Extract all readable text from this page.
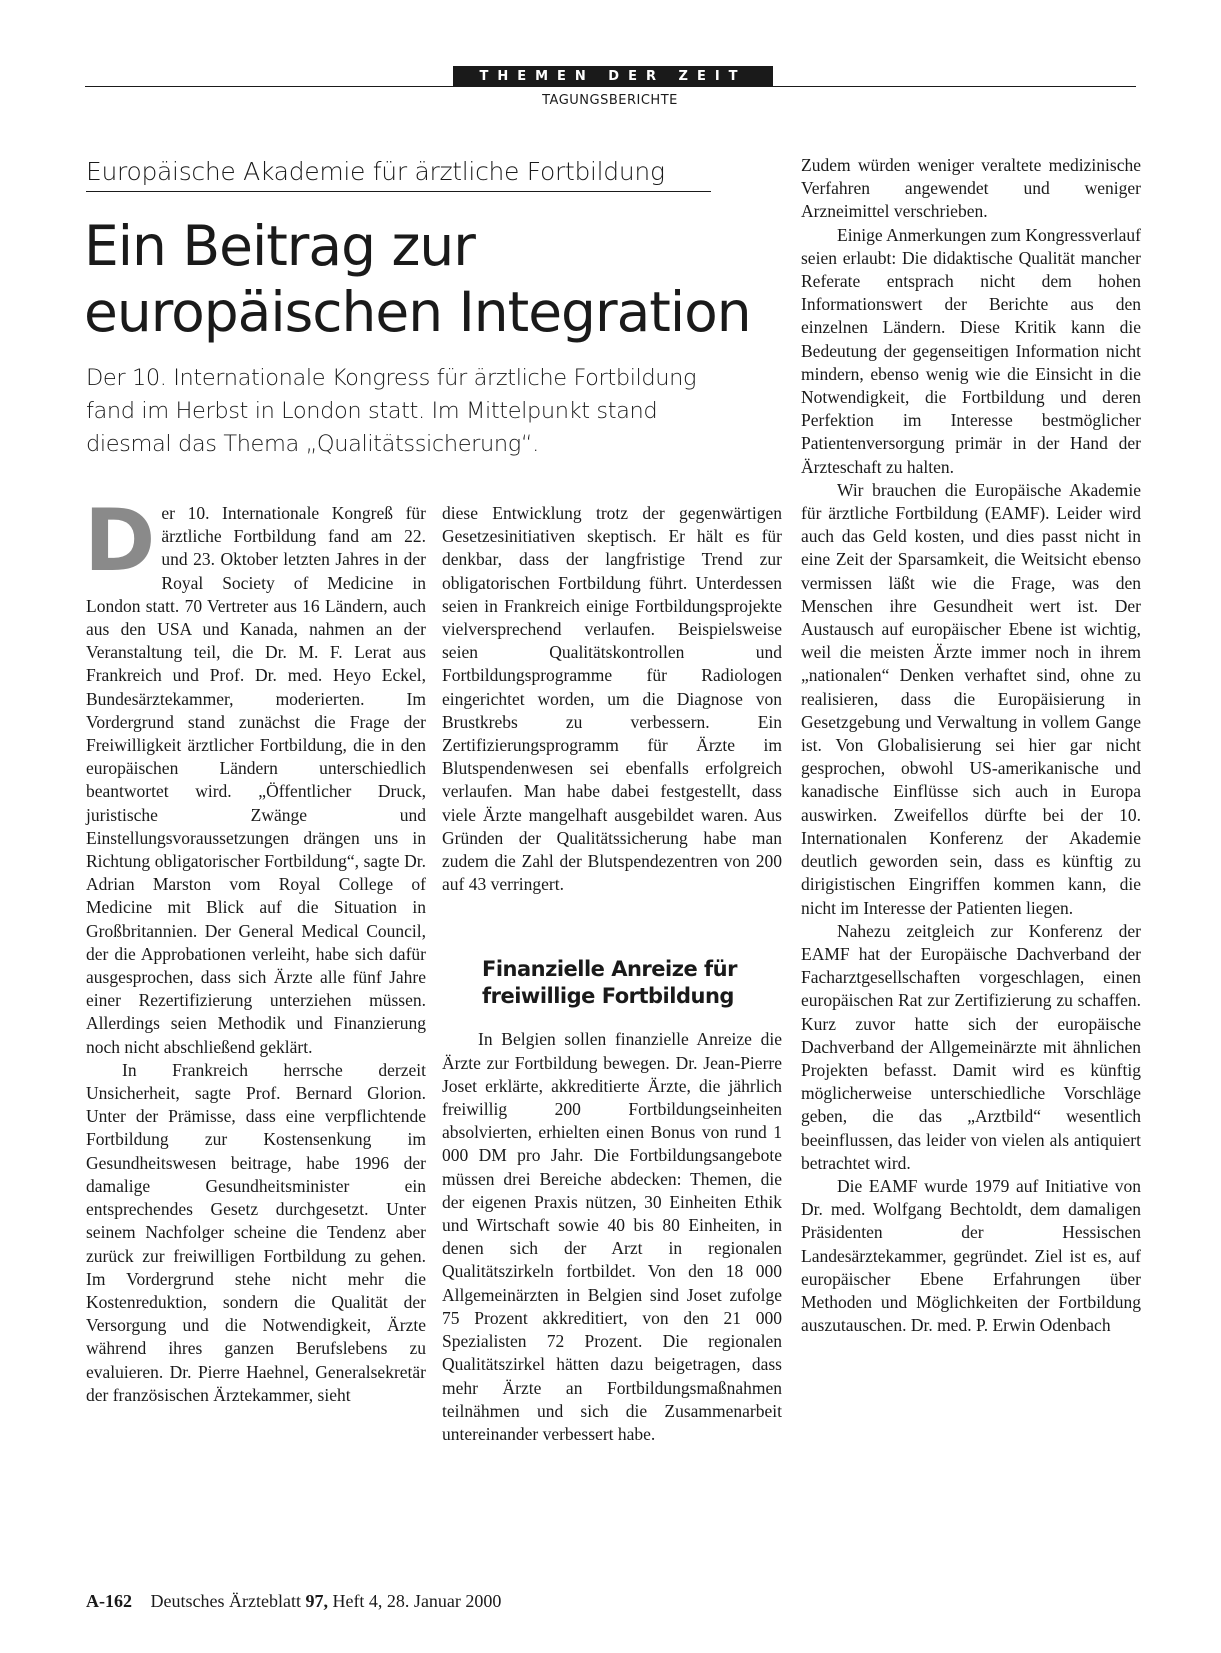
THEMEN DER ZEIT
TAGUNGSBERICHTE
Europäische Akademie für ärztliche Fortbildung
Ein Beitrag zur europäischen Integration

Der 10. Internationale Kongress für ärztliche Fortbildung fand im Herbst in London statt. Im Mittelpunkt stand diesmal das Thema „Qualitätssicherung“.

Der 10. Internationale Kongreß für ärztliche Fortbildung fand am 22. und 23. Oktober letzten Jahres in der Royal Society of Medicine in London statt. 70 Vertreter aus 16 Ländern, auch aus den USA und Kanada, nahmen an der Veranstaltung teil, die Dr. M. F. Lerat aus Frankreich und Prof. Dr. med. Heyo Eckel, Bundesärztekammer, moderierten. Im Vordergrund stand zunächst die Frage der Freiwilligkeit ärztlicher Fortbildung, die in den europäischen Ländern unterschiedlich beantwortet wird. „Öffentlicher Druck, juristische Zwänge und Einstellungsvoraussetzungen drängen uns in Richtung obligatorischer Fortbildung“, sagte Dr. Adrian Marston vom Royal College of Medicine mit Blick auf die Situation in Großbritannien. Der General Medical Council, der die Approbationen verleiht, habe sich dafür ausgesprochen, dass sich Ärzte alle fünf Jahre einer Rezertifizierung unterziehen müssen. Allerdings seien Methodik und Finanzierung noch nicht abschließend geklärt.

In Frankreich herrsche derzeit Unsicherheit, sagte Prof. Bernard Glorion. Unter der Prämisse, dass eine verpflichtende Fortbildung zur Kostensenkung im Gesundheitswesen beitrage, habe 1996 der damalige Gesundheitsminister ein entsprechendes Gesetz durchgesetzt. Unter seinem Nachfolger scheine die Tendenz aber zurück zur freiwilligen Fortbildung zu gehen. Im Vordergrund stehe nicht mehr die Kostenreduktion, sondern die Qualität der Versorgung und die Notwendigkeit, Ärzte während ihres ganzen Berufslebens zu evaluieren. Dr. Pierre Haehnel, Generalsekretär der französischen Ärztekammer, sieht

diese Entwicklung trotz der gegenwärtigen Gesetzesinitiativen skeptisch. Er hält es für denkbar, dass der langfristige Trend zur obligatorischen Fortbildung führt. Unterdessen seien in Frankreich einige Fortbildungsprojekte vielversprechend verlaufen. Beispielsweise seien Qualitätskontrollen und Fortbildungsprogramme für Radiologen eingerichtet worden, um die Diagnose von Brustkrebs zu verbessern. Ein Zertifizierungsprogramm für Ärzte im Blutspendenwesen sei ebenfalls erfolgreich verlaufen. Man habe dabei festgestellt, dass viele Ärzte mangelhaft ausgebildet waren. Aus Gründen der Qualitätssicherung habe man zudem die Zahl der Blutspendezentren von 200 auf 43 verringert.

Finanzielle Anreize für freiwillige Fortbildung

In Belgien sollen finanzielle Anreize die Ärzte zur Fortbildung bewegen. Dr. Jean-Pierre Joset erklärte, akkreditierte Ärzte, die jährlich freiwillig 200 Fortbildungseinheiten absolvierten, erhielten einen Bonus von rund 1 000 DM pro Jahr. Die Fortbildungsangebote müssen drei Bereiche abdecken: Themen, die der eigenen Praxis nützen, 30 Einheiten Ethik und Wirtschaft sowie 40 bis 80 Einheiten, in denen sich der Arzt in regionalen Qualitätszirkeln fortbildet. Von den 18 000 Allgemeinärzten in Belgien sind Joset zufolge 75 Prozent akkreditiert, von den 21 000 Spezialisten 72 Prozent. Die regionalen Qualitätszirkel hätten dazu beigetragen, dass mehr Ärzte an Fortbildungsmaßnahmen teilnähmen und sich die Zusammenarbeit untereinander verbessert habe.

Zudem würden weniger veraltete medizinische Verfahren angewendet und weniger Arzneimittel verschrieben.

Einige Anmerkungen zum Kongressverlauf seien erlaubt: Die didaktische Qualität mancher Referate entsprach nicht dem hohen Informationswert der Berichte aus den einzelnen Ländern. Diese Kritik kann die Bedeutung der gegenseitigen Information nicht mindern, ebenso wenig wie die Einsicht in die Notwendigkeit, die Fortbildung und deren Perfektion im Interesse bestmöglicher Patientenversorgung primär in der Hand der Ärzteschaft zu halten.

Wir brauchen die Europäische Akademie für ärztliche Fortbildung (EAMF). Leider wird auch das Geld kosten, und dies passt nicht in eine Zeit der Sparsamkeit, die Weitsicht ebenso vermissen läßt wie die Frage, was den Menschen ihre Gesundheit wert ist. Der Austausch auf europäischer Ebene ist wichtig, weil die meisten Ärzte immer noch in ihrem „nationalen“ Denken verhaftet sind, ohne zu realisieren, dass die Europäisierung in Gesetzgebung und Verwaltung in vollem Gange ist. Von Globalisierung sei hier gar nicht gesprochen, obwohl US-amerikanische und kanadische Einflüsse sich auch in Europa auswirken. Zweifellos dürfte bei der 10. Internationalen Konferenz der Akademie deutlich geworden sein, dass es künftig zu dirigistischen Eingriffen kommen kann, die nicht im Interesse der Patienten liegen.

Nahezu zeitgleich zur Konferenz der EAMF hat der Europäische Dachverband der Facharztgesellschaften vorgeschlagen, einen europäischen Rat zur Zertifizierung zu schaffen. Kurz zuvor hatte sich der europäische Dachverband der Allgemeinärzte mit ähnlichen Projekten befasst. Damit wird es künftig möglicherweise unterschiedliche Vorschläge geben, die das „Arztbild“ wesentlich beeinflussen, das leider von vielen als antiquiert betrachtet wird.

Die EAMF wurde 1979 auf Initiative von Dr. med. Wolfgang Bechtoldt, dem damaligen Präsidenten der Hessischen Landesärztekammer, gegründet. Ziel ist es, auf europäischer Ebene Erfahrungen über Methoden und Möglichkeiten der Fortbildung auszutauschen. Dr. med. P. Erwin Odenbach

A-162 Deutsches Ärzteblatt 97, Heft 4, 28. Januar 2000
